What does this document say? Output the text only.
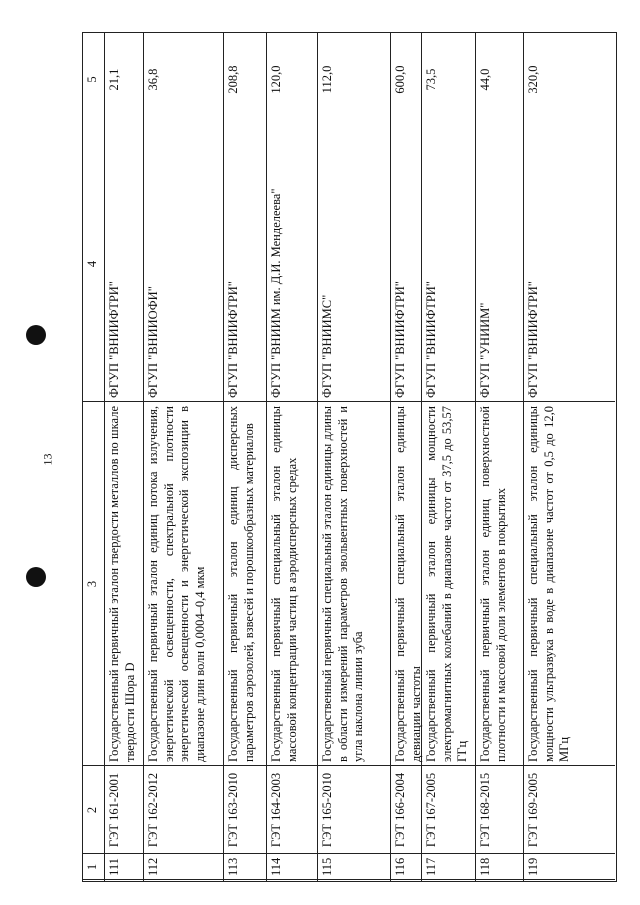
13
1
2
3
4
5
111
ГЭТ 161-2001
Государственный первичный эталон твердости металлов по шкале твердости Шора D
ФГУП "ВНИИФТРИ"
21,1
112
ГЭТ 162-2012
Государственный первичный эталон единиц потока излучения, энергетической освещенности, спектральной плотности энергетической освещенности и энергетической экспозиции в диапазоне длин волн 0,0004–0,4 мкм
ФГУП "ВНИИОФИ"
36,8
113
ГЭТ 163-2010
Государственный первичный эталон единиц дисперсных параметров аэрозолей, взвесей и порошкообразных материалов
ФГУП "ВНИИФТРИ"
208,8
114
ГЭТ 164-2003
Государственный первичный специальный эталон единицы массовой концентрации частиц в аэродисперсных средах
ФГУП "ВНИИМ им. Д.И. Менделеева"
120,0
115
ГЭТ 165-2010
Государственный первичный специальный эталон единицы длины в области измерений параметров эвольвентных поверхностей и угла наклона линии зуба
ФГУП "ВНИИМС"
112,0
116
ГЭТ 166-2004
Государственный первичный специальный эталон единицы девиации частоты
ФГУП "ВНИИФТРИ"
600,0
117
ГЭТ 167-2005
Государственный первичный эталон единицы мощности электромагнитных колебаний в диапазоне частот от 37,5 до 53,57 ГГц
ФГУП "ВНИИФТРИ"
73,5
118
ГЭТ 168-2015
Государственный первичный эталон единиц поверхностной плотности и массовой доли элементов в покрытиях
ФГУП "УНИИМ"
44,0
119
ГЭТ 169-2005
Государственный первичный специальный эталон единицы мощности ультразвука в воде в диапазоне частот от 0,5 до 12,0 МГц
ФГУП "ВНИИФТРИ"
320,0
